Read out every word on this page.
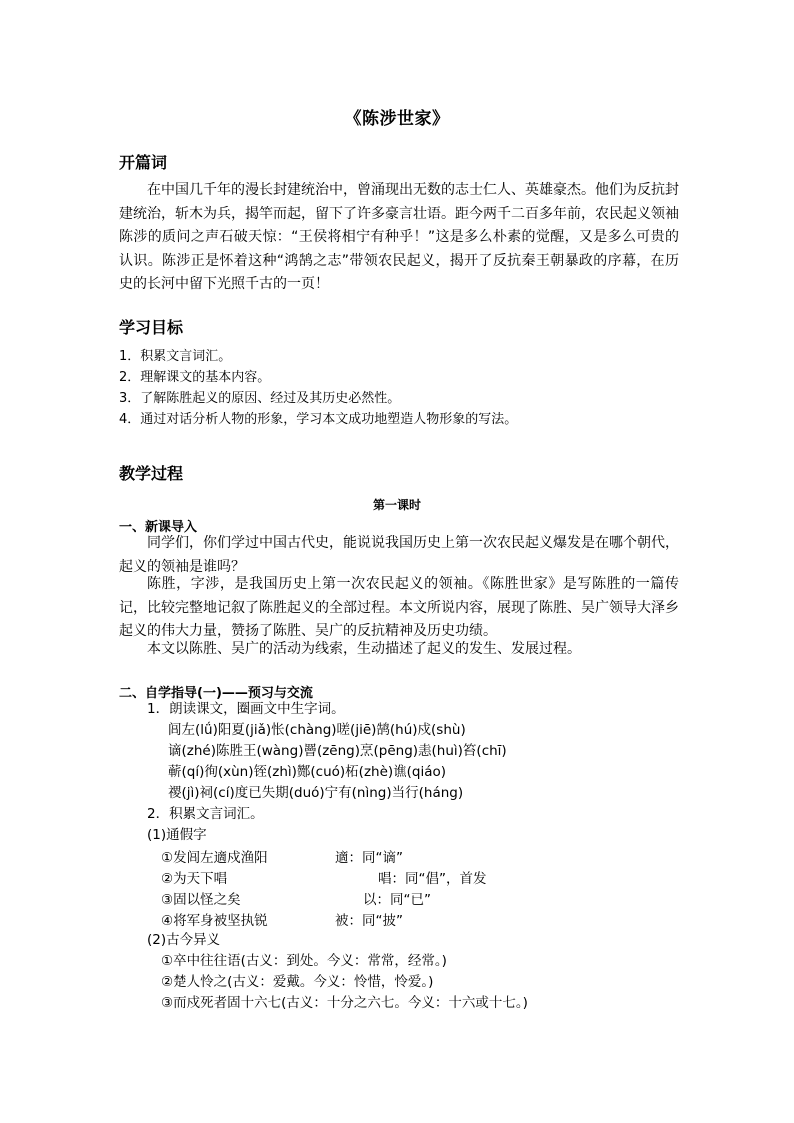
《陈涉世家》
开篇词
在中国几千年的漫长封建统治中，曾涌现出无数的志士仁人、英雄豪杰。他们为反抗封建统治，斩木为兵，揭竿而起，留下了许多豪言壮语。距今两千二百多年前，农民起义领袖陈涉的质问之声石破天惊：“王侯将相宁有种乎！”这是多么朴素的觉醒，又是多么可贵的认识。陈涉正是怀着这种“鸿鹄之志”带领农民起义，揭开了反抗秦王朝暴政的序幕，在历史的长河中留下光照千古的一页！
学习目标
1．积累文言词汇。
2．理解课文的基本内容。
3．了解陈胜起义的原因、经过及其历史必然性。
4．通过对话分析人物的形象，学习本文成功地塑造人物形象的写法。
教学过程
第一课时
一、新课导入
同学们，你们学过中国古代史，能说说我国历史上第一次农民起义爆发是在哪个朝代，起义的领袖是谁吗？
陈胜，字涉，是我国历史上第一次农民起义的领袖。《陈胜世家》是写陈胜的一篇传记，比较完整地记叙了陈胜起义的全部过程。本文所说内容，展现了陈胜、吴广领导大泽乡起义的伟大力量，赞扬了陈胜、吴广的反抗精神及历史功绩。
本文以陈胜、吴广的活动为线索，生动描述了起义的发生、发展过程。
二、自学指导(一)——预习与交流
1．朗读课文，圈画文中生字词。
闾左(lǘ)阳夏(jiǎ)怅(chàng)嗟(jiē)鹄(hú)戍(shù)
谪(zhé)陈胜王(wàng)罾(zēng)烹(pēng)恚(huì)笞(chī)
蕲(qí)徇(xùn)铚(zhì)酂(cuó)柘(zhè)谯(qiáo)
禝(jì)祠(cí)度已失期(duó)宁有(nìng)当行(háng)
2．积累文言词汇。
(1)通假字
①发闾左適戍渔阳	適：同“谪”
②为天下唱	唱：同“倡”，首发
③固以怪之矣	以：同“已”
④将军身被坚执锐	被：同“披”
(2)古今异义
①卒中往往语(古义：到处。今义：常常，经常。)
②楚人怜之(古义：爱戴。今义：怜惜，怜爱。)
③而戍死者固十六七(古义：十分之六七。今义：十六或十七。)
